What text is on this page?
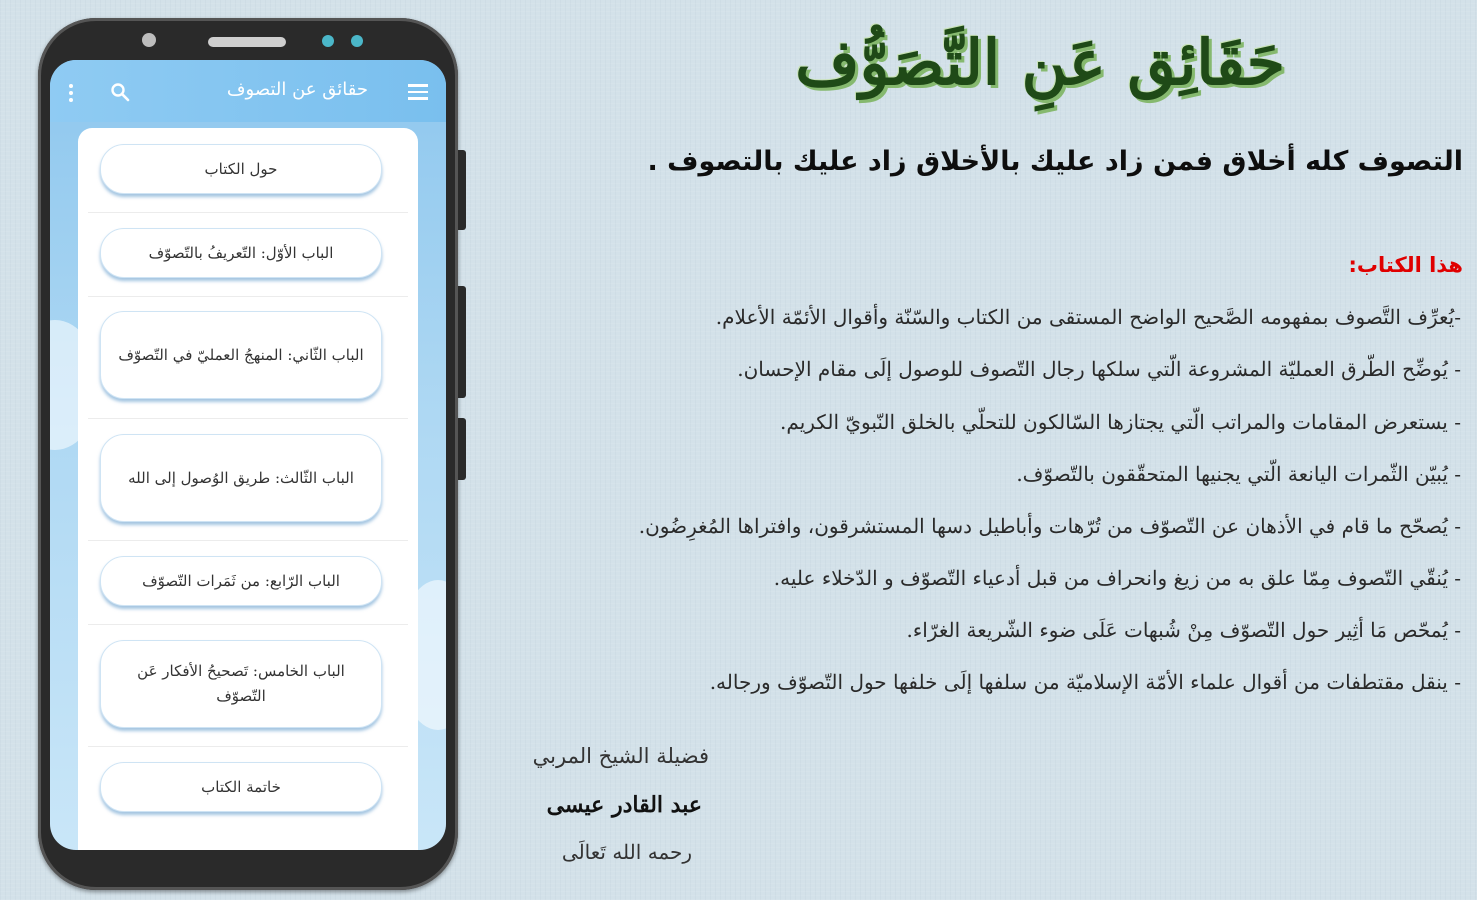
حقائق عن التصوف
حول الكتاب
الباب الأوّل: التّعريفُ بالتّصوّف
الباب الثّاني: المنهجُ العمليّ في التّصوّف
الباب الثّالث: طريق الوُصول إلى الله
الباب الرّابع: من ثَمَرات التّصوّف
الباب الخامس: تَصحيحُ الأفكار عَن التّصوّف
خاتمة الكتاب
حَقَائِق عَنِ التَّصَوُّف
التصوف كله أخلاق فمن زاد عليك بالأخلاق زاد عليك بالتصوف .
هذا الكتاب:
-يُعرِّف التَّصوف بمفهومه الصَّحيح الواضح المستقى من الكتاب والسّنّة وأقوال الأئمّة الأعلام.
- يُوضِّح الطّرق العمليّة المشروعة الّتي سلكها رجال التّصوف للوصول إلَى مقام الإحسان.
- يستعرض المقامات والمراتب الّتي يجتازها السّالكون للتحلّي بالخلق النّبويّ الكريم.
- يُبيّن الثّمرات اليانعة الّتي يجنيها المتحقّقون بالتّصوّف.
- يُصحّح ما قام في الأذهان عن التّصوّف من تُرّهات وأباطيل دسها المستشرقون، وافتراها المُغرِضُون.
- يُنقّي التّصوف مِمّا علق به من زيغ وانحراف من قبل أدعياء التّصوّف و الدّخلاء عليه.
- يُمحّص مَا أثِير حول التّصوّف مِنْ شُبهات عَلَى ضوء الشّريعة الغرّاء.
- ينقل مقتطفات من أقوال علماء الأمّة الإسلاميّة من سلفها إلَى خلفها حول التّصوّف ورجاله.
فضيلة الشيخ المربي
عبد القادر عيسى
رحمه الله تَعالَى
